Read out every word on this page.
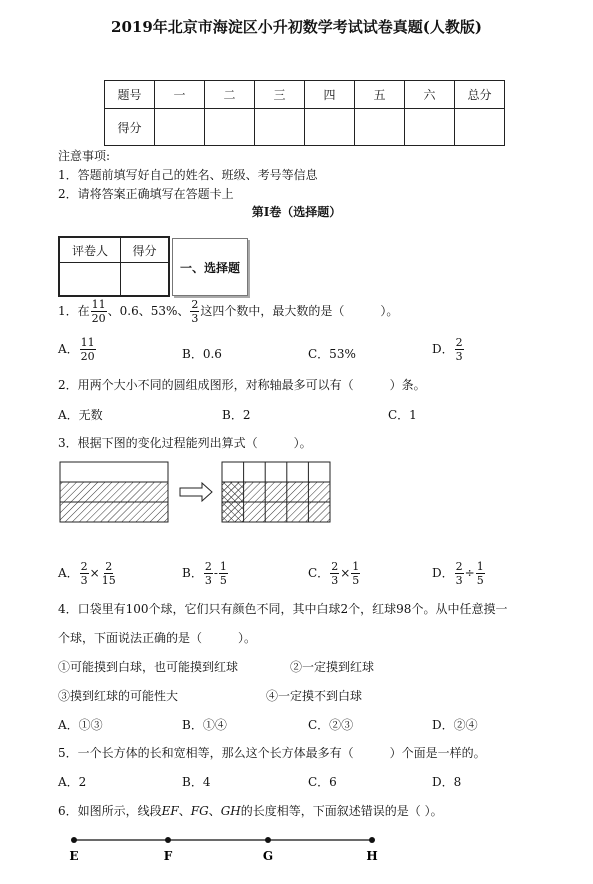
2019年北京市海淀区小升初数学考试试卷真题(人教版)
题号	一	二	三	四	五	六	总分
得分							
注意事项:
1．答题前填写好自己的姓名、班级、考号等信息
2．请将答案正确填写在答题卡上
第Ⅰ卷（选择题）
评卷人	得分

一、选择题
1．在 $\frac{11}{20}$ 、0.6、53%、 $\frac{2}{3}$ 这四个数中，最大数的是（　　　）。
A． $\frac{11}{20}$	B．0.6	C．53%	D． $\frac{2}{3}$
2．用两个大小不同的圆组成图形，对称轴最多可以有（　　　）条。
A．无数	B．2	C．1
3．根据下图的变化过程能列出算式（　　　）。
A． $\frac{2}{3} \times \frac{2}{15}$	B． $\frac{2}{3} - \frac{1}{5}$	C． $\frac{2}{3} \times \frac{1}{5}$	D． $\frac{2}{3} \div \frac{1}{5}$
4．口袋里有100个球，它们只有颜色不同，其中白球2个，红球98个。从中任意摸一
个球，下面说法正确的是（　　　）。
①可能摸到白球，也可能摸到红球	②一定摸到红球
③摸到红球的可能性大	④一定摸不到白球
A．①③	B．①④	C．②③	D．②④
5．一个长方体的长和宽相等，那么这个长方体最多有（　　　）个面是一样的。
A．2	B．4	C．6	D．8
6．如图所示，线段EF、FG、GH的长度相等，下面叙述错误的是（ ）。
E	F	G	H
